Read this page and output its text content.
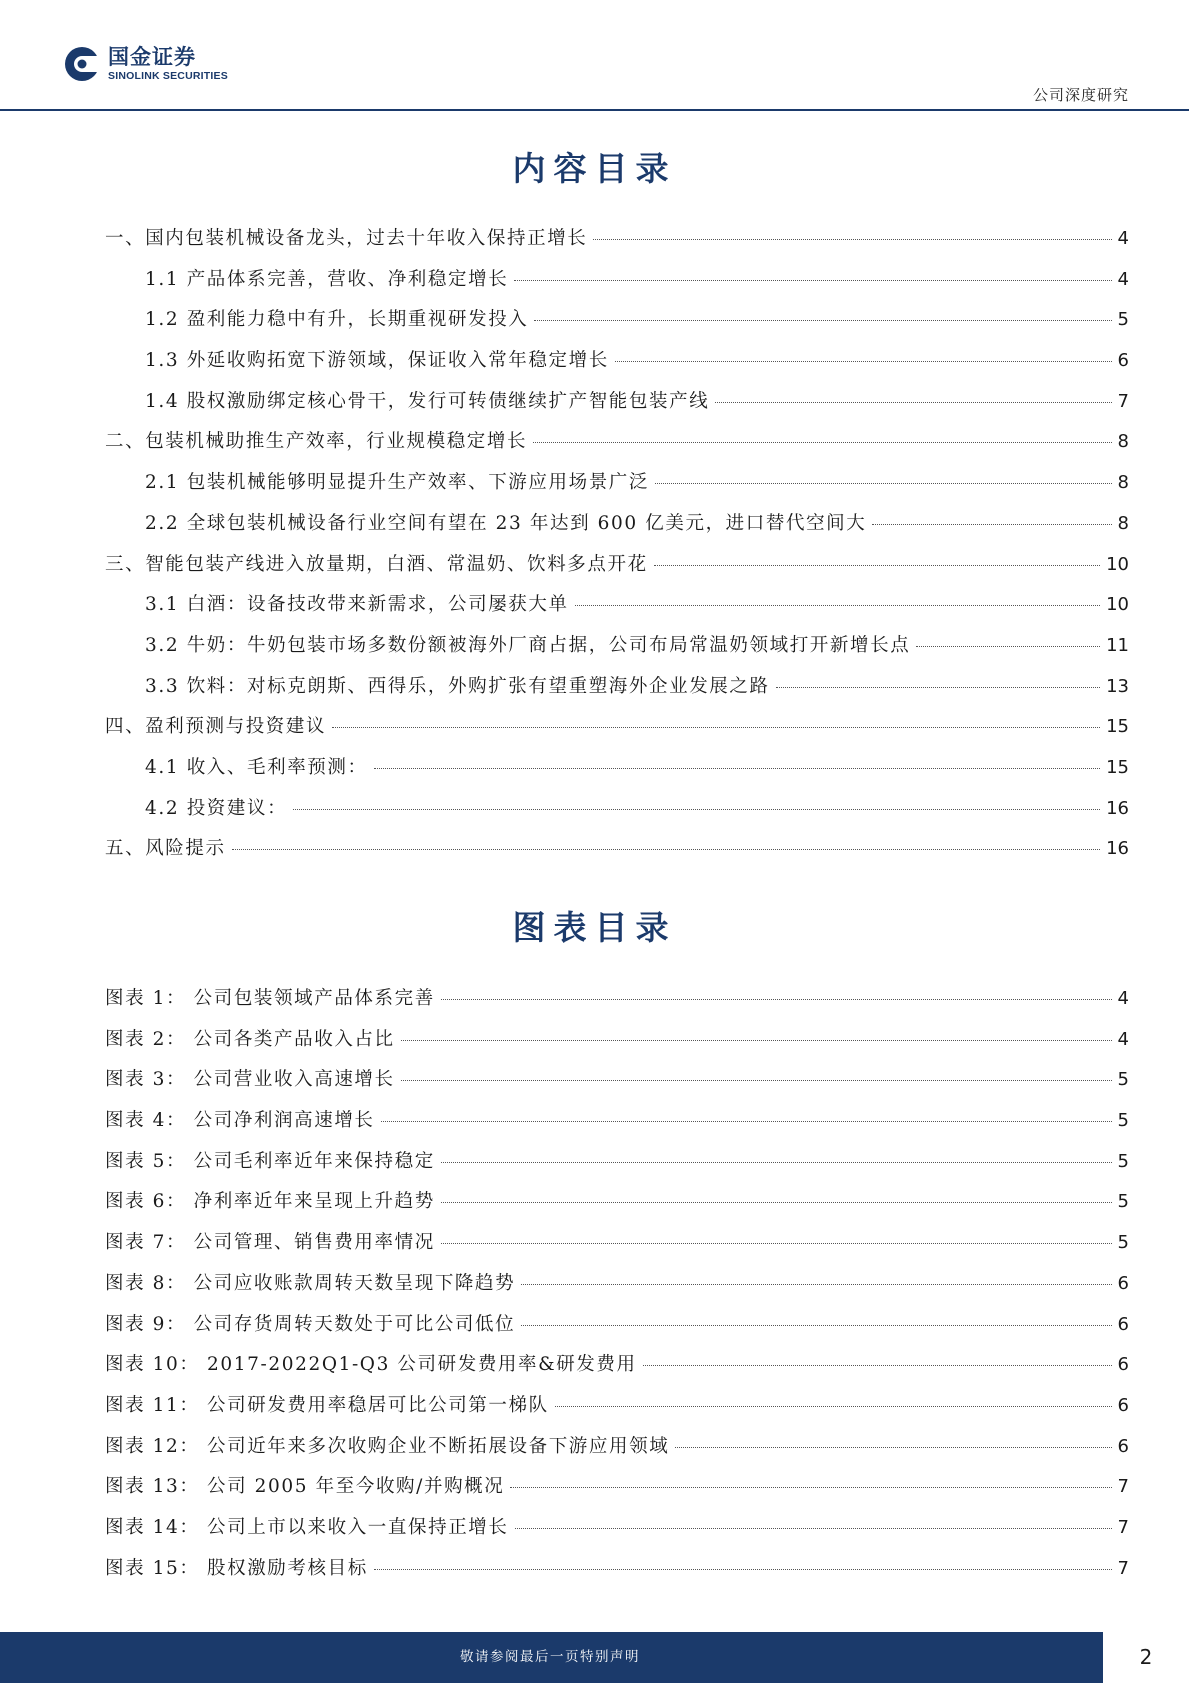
国金证券
SINOLINK SECURITIES
公司深度研究
内容目录
一、国内包装机械设备龙头，过去十年收入保持正增长	4
1.1 产品体系完善，营收、净利稳定增长	4
1.2 盈利能力稳中有升，长期重视研发投入	5
1.3 外延收购拓宽下游领域，保证收入常年稳定增长	6
1.4 股权激励绑定核心骨干，发行可转债继续扩产智能包装产线	7
二、包装机械助推生产效率，行业规模稳定增长	8
2.1 包装机械能够明显提升生产效率、下游应用场景广泛	8
2.2 全球包装机械设备行业空间有望在 23 年达到 600 亿美元，进口替代空间大	8
三、智能包装产线进入放量期，白酒、常温奶、饮料多点开花	10
3.1 白酒：设备技改带来新需求，公司屡获大单	10
3.2 牛奶：牛奶包装市场多数份额被海外厂商占据，公司布局常温奶领域打开新增长点	11
3.3 饮料：对标克朗斯、西得乐，外购扩张有望重塑海外企业发展之路	13
四、盈利预测与投资建议	15
4.1 收入、毛利率预测：	15
4.2 投资建议：	16
五、风险提示	16
图表目录
图表 1： 公司包装领域产品体系完善	4
图表 2： 公司各类产品收入占比	4
图表 3： 公司营业收入高速增长	5
图表 4： 公司净利润高速增长	5
图表 5： 公司毛利率近年来保持稳定	5
图表 6： 净利率近年来呈现上升趋势	5
图表 7： 公司管理、销售费用率情况	5
图表 8： 公司应收账款周转天数呈现下降趋势	6
图表 9： 公司存货周转天数处于可比公司低位	6
图表 10： 2017-2022Q1-Q3 公司研发费用率&研发费用	6
图表 11： 公司研发费用率稳居可比公司第一梯队	6
图表 12： 公司近年来多次收购企业不断拓展设备下游应用领域	6
图表 13： 公司 2005 年至今收购/并购概况	7
图表 14： 公司上市以来收入一直保持正增长	7
图表 15： 股权激励考核目标	7
敬请参阅最后一页特别声明	2
